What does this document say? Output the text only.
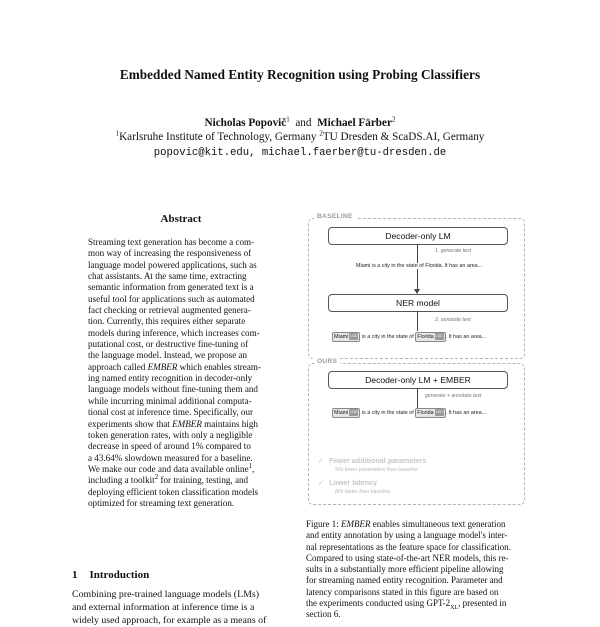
Embedded Named Entity Recognition using Probing Classifiers
Nicholas Popovič$^1$ and Michael Färber$^2$
$^1$Karlsruhe Institute of Technology, Germany $^2$TU Dresden & ScaDS.AI, Germany
popovic@kit.edu, michael.faerber@tu-dresden.de
Abstract
Streaming text generation has become a com-
mon way of increasing the responsiveness of
language model powered applications, such as
chat assistants. At the same time, extracting
semantic information from generated text is a
useful tool for applications such as automated
fact checking or retrieval augmented genera-
tion. Currently, this requires either separate
models during inference, which increases com-
putational cost, or destructive fine-tuning of
the language model. Instead, we propose an
approach called EMBER which enables stream-
ing named entity recognition in decoder-only
language models without fine-tuning them and
while incurring minimal additional computa-
tional cost at inference time. Specifically, our
experiments show that EMBER maintains high
token generation rates, with only a negligible
decrease in speed of around 1% compared to
a 43.64% slowdown measured for a baseline.
We make our code and data available online$^1$,
including a toolkit$^2$ for training, testing, and
deploying efficient token classification models
optimized for streaming text generation.
1 Introduction
Combining pre-trained language models (LMs)
and external information at inference time is a
widely used approach, for example as a means of
BASELINE
Decoder-only LM
1. generate text
Miami is a city in the state of Florida. It has an area...
NER model
2. annotate text
Miami LOC is a city in the state of Florida LOC . It has an area...
OURS
Decoder-only LM + EMBER
generate + annotate text
Miami LOC is a city in the state of Florida LOC . It has an area...
✓ Fewer additional parameters
50x fewer parameters than baseline
✓ Lower latency
80x faster than baseline
Figure 1: EMBER enables simultaneous text generation
and entity annotation by using a language model's inter-
nal representations as the feature space for classification.
Compared to using state-of-the-art NER models, this re-
sults in a substantially more efficient pipeline allowing
for streaming named entity recognition. Parameter and
latency comparisons stated in this figure are based on
the experiments conducted using GPT-$2_{XL}$, presented in
section 6.
